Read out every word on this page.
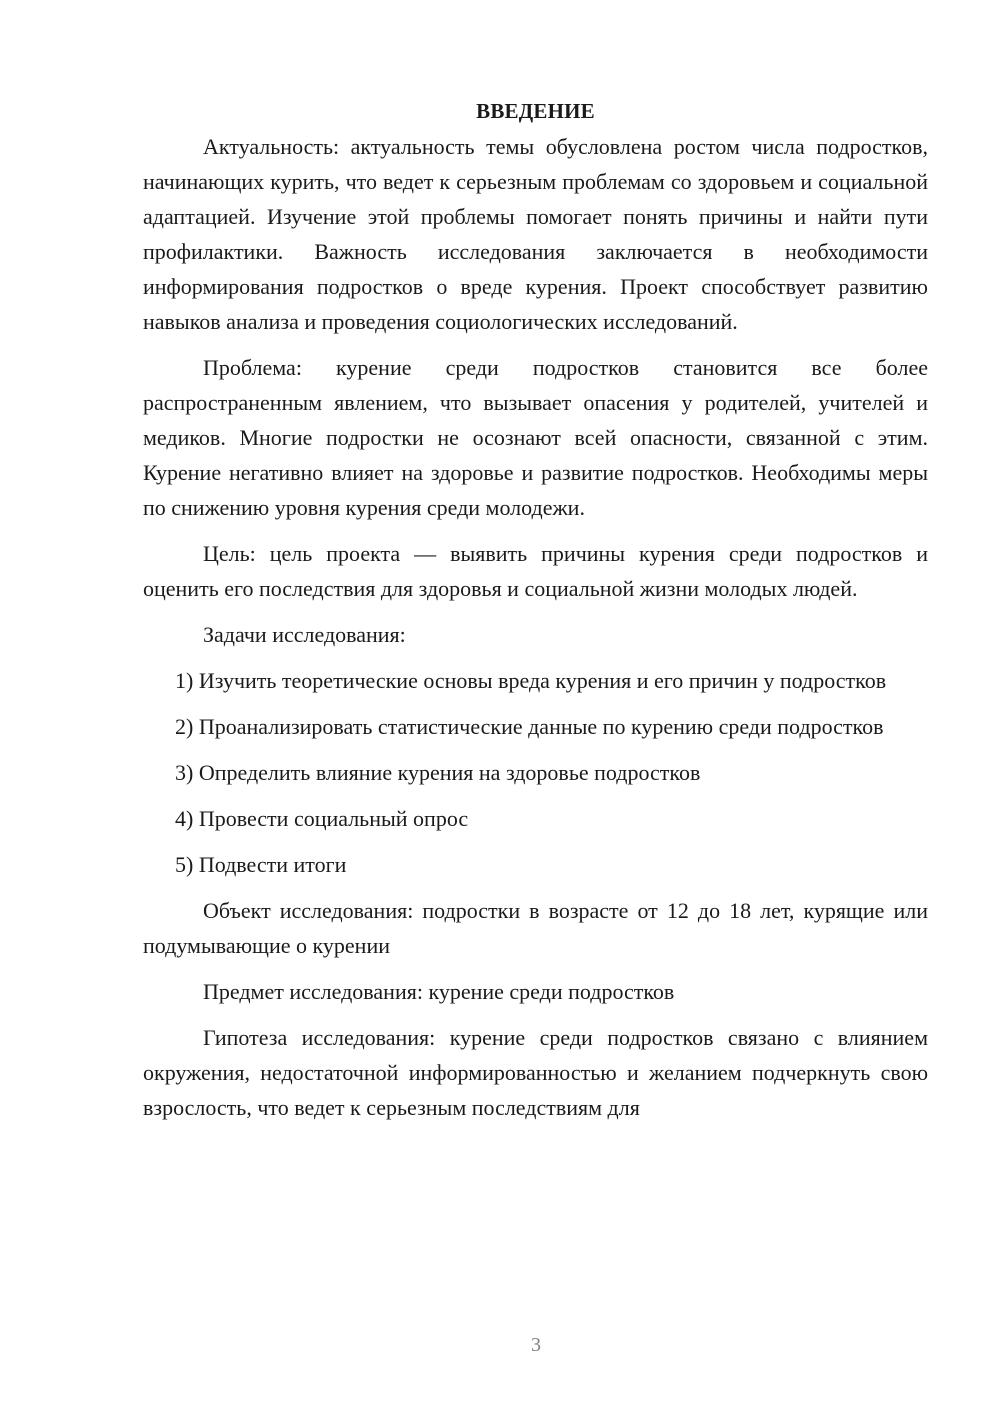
ВВЕДЕНИЕ

Актуальность: актуальность темы обусловлена ростом числа подростков, начинающих курить, что ведет к серьезным проблемам со здоровьем и социальной адаптацией. Изучение этой проблемы помогает понять причины и найти пути профилактики. Важность исследования заключается в необходимости информирования подростков о вреде курения. Проект способствует развитию навыков анализа и проведения социологических исследований.

Проблема: курение среди подростков становится все более распространенным явлением, что вызывает опасения у родителей, учителей и медиков. Многие подростки не осознают всей опасности, связанной с этим. Курение негативно влияет на здоровье и развитие подростков. Необходимы меры по снижению уровня курения среди молодежи.

Цель: цель проекта — выявить причины курения среди подростков и оценить его последствия для здоровья и социальной жизни молодых людей.

Задачи исследования:

1) Изучить теоретические основы вреда курения и его причин у подростков

2) Проанализировать статистические данные по курению среди подростков

3) Определить влияние курения на здоровье подростков

4) Провести социальный опрос

5) Подвести итоги

Объект исследования: подростки в возрасте от 12 до 18 лет, курящие или подумывающие о курении

Предмет исследования: курение среди подростков

Гипотеза исследования: курение среди подростков связано с влиянием окружения, недостаточной информированностью и желанием подчеркнуть свою взрослость, что ведет к серьезным последствиям для

3
